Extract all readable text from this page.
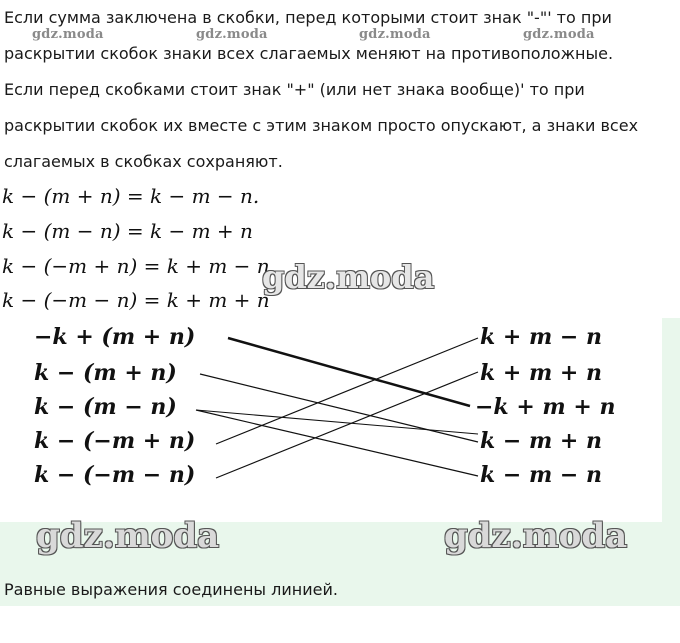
Если сумма заключена в скобки, перед которыми стоит знак "-"' то при
раскрытии скобок знаки всех слагаемых меняют на противоположные.
Если перед скобками стоит знак "+" (или нет знака вообще)' то при
раскрытии скобок их вместе с этим знаком просто опускают, а знаки всех
слагаемых в скобках сохраняют.
gdz.moda	gdz.moda	gdz.moda	gdz.moda
k − (m + n) = k − m − n.
k − (m − n) = k − m + n
k − (−m + n) = k + m − n
k − (−m − n) = k + m + n
gdz.moda
−k + (m + n)
k − (m + n)
k − (m − n)
k − (−m + n)
k − (−m − n)
k + m − n
k + m + n
−k + m + n
k − m + n
k − m − n
gdz.moda	gdz.moda
Равные выражения соединены линией.
